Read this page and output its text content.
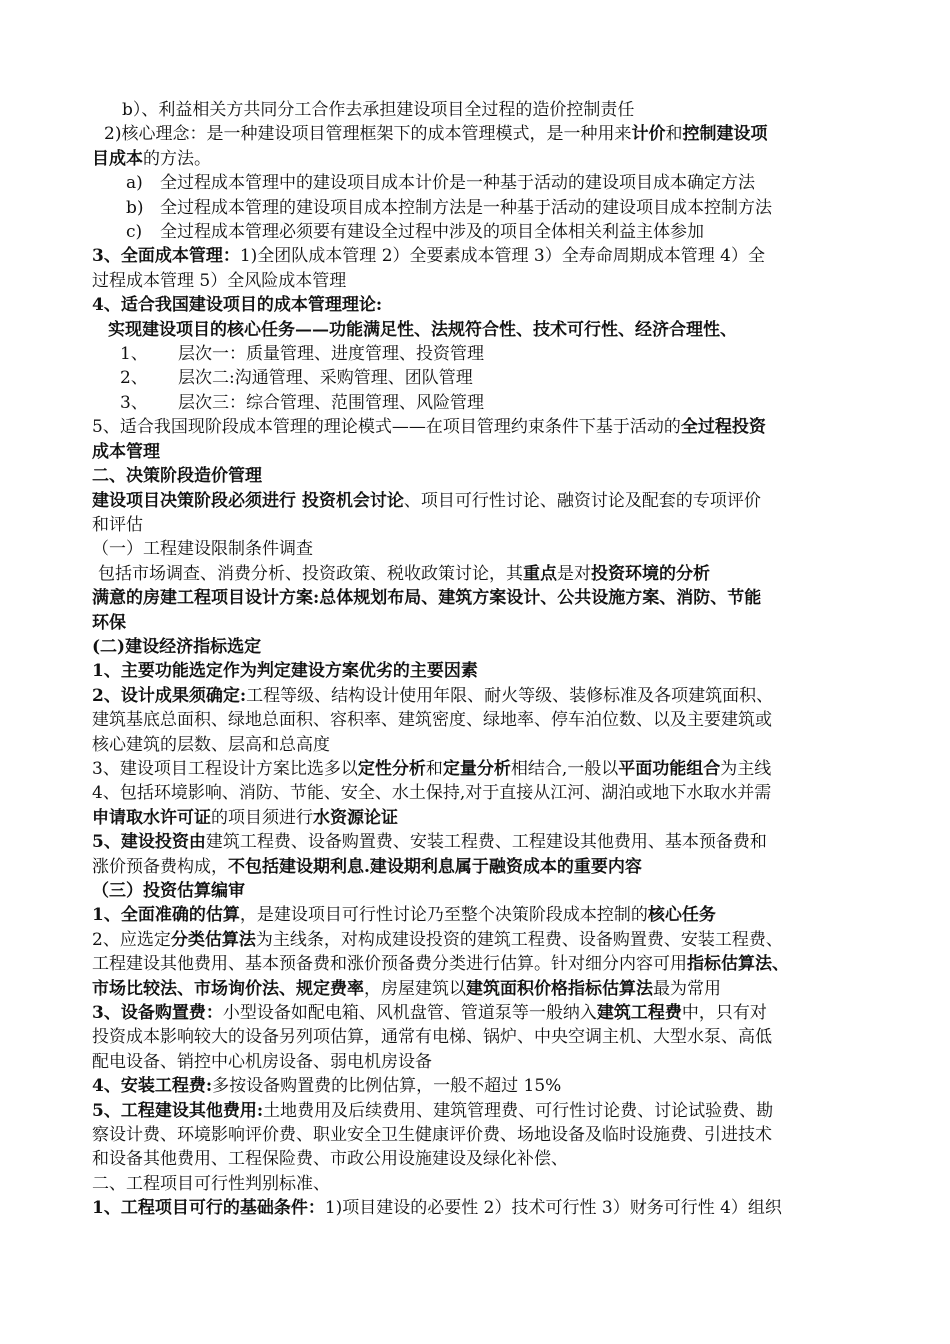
b）、利益相关方共同分工合作去承担建设项目全过程的造价控制责任

2)核心理念：是一种建设项目管理框架下的成本管理模式，是一种用来计价和控制建设项

目成本的方法。

a) 全过程成本管理中的建设项目成本计价是一种基于活动的建设项目成本确定方法

b) 全过程成本管理的建设项目成本控制方法是一种基于活动的建设项目成本控制方法

c) 全过程成本管理必须要有建设全过程中涉及的项目全体相关利益主体参加

3、全面成本管理：1)全团队成本管理 2）全要素成本管理 3）全寿命周期成本管理 4）全

过程成本管理 5）全风险成本管理

4、适合我国建设项目的成本管理理论:

实现建设项目的核心任务——功能满足性、法规符合性、技术可行性、经济合理性、

1、 层次一：质量管理、进度管理、投资管理

2、 层次二:沟通管理、采购管理、团队管理

3、 层次三：综合管理、范围管理、风险管理

5、适合我国现阶段成本管理的理论模式——在项目管理约束条件下基于活动的全过程投资

成本管理

二、决策阶段造价管理

建设项目决策阶段必须进行 投资机会讨论、项目可行性讨论、融资讨论及配套的专项评价

和评估

（一）工程建设限制条件调查

包括市场调查、消费分析、投资政策、税收政策讨论，其重点是对投资环境的分析

满意的房建工程项目设计方案:总体规划布局、建筑方案设计、公共设施方案、消防、节能

环保

(二)建设经济指标选定

1、主要功能选定作为判定建设方案优劣的主要因素

2、设计成果须确定:工程等级、结构设计使用年限、耐火等级、装修标准及各项建筑面积、

建筑基底总面积、绿地总面积、容积率、建筑密度、绿地率、停车泊位数、以及主要建筑或

核心建筑的层数、层高和总高度

3、建设项目工程设计方案比选多以定性分析和定量分析相结合,一般以平面功能组合为主线

4、包括环境影响、消防、节能、安全、水土保持,对于直接从江河、湖泊或地下水取水并需

申请取水许可证的项目须进行水资源论证

5、建设投资由建筑工程费、设备购置费、安装工程费、工程建设其他费用、基本预备费和

涨价预备费构成，不包括建设期利息.建设期利息属于融资成本的重要内容

（三）投资估算编审

1、全面准确的估算，是建设项目可行性讨论乃至整个决策阶段成本控制的核心任务

2、应选定分类估算法为主线条，对构成建设投资的建筑工程费、设备购置费、安装工程费、

工程建设其他费用、基本预备费和涨价预备费分类进行估算。针对细分内容可用指标估算法、

市场比较法、市场询价法、规定费率，房屋建筑以建筑面积价格指标估算法最为常用

3、设备购置费：小型设备如配电箱、风机盘管、管道泵等一般纳入建筑工程费中，只有对

投资成本影响较大的设备另列项估算，通常有电梯、锅炉、中央空调主机、大型水泵、高低

配电设备、销控中心机房设备、弱电机房设备

4、安装工程费:多按设备购置费的比例估算，一般不超过 15%

5、工程建设其他费用:土地费用及后续费用、建筑管理费、可行性讨论费、讨论试验费、勘

察设计费、环境影响评价费、职业安全卫生健康评价费、场地设备及临时设施费、引进技术

和设备其他费用、工程保险费、市政公用设施建设及绿化补偿、

二、工程项目可行性判别标准、

1、工程项目可行的基础条件：1)项目建设的必要性 2）技术可行性 3）财务可行性 4）组织
